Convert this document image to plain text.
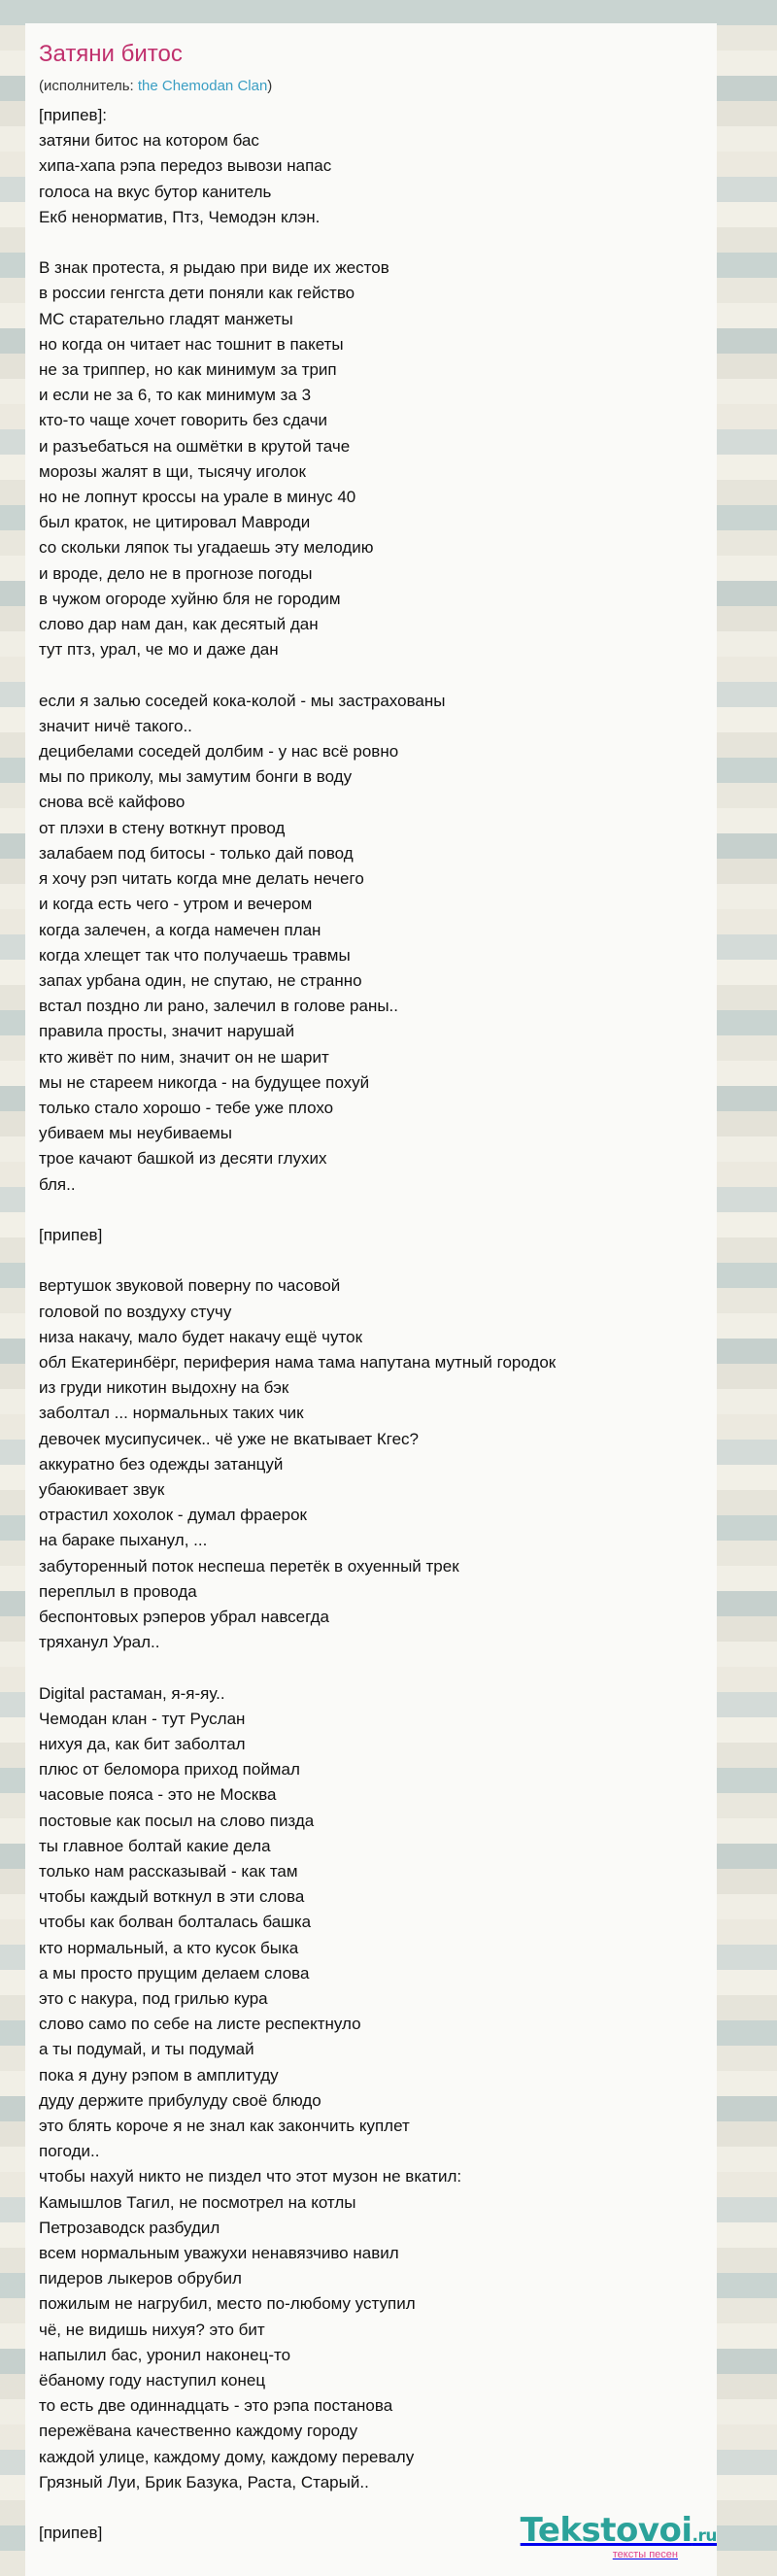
Затяни битос
(исполнитель: the Chemodan Clan)
[припев]:
затяни битос на котором бас
хипа-хапа рэпа передоз вывози напас
голоса на вкус бутор канитель
Екб ненорматив, Птз, Чемодэн клэн.

В знак протеста, я рыдаю при виде их жестов
в россии генгста дети поняли как гейство
МС старательно гладят манжеты
но когда он читает нас тошнит в пакеты
не за триппер, но как минимум за трип
и если не за 6, то как минимум за 3
кто-то чаще хочет говорить без сдачи
и разъебаться на ошмётки в крутой таче
морозы жалят в щи, тысячу иголок
но не лопнут кроссы на урале в минус 40
был краток, не цитировал Мавроди
со скольки ляпок ты угадаешь эту мелодию
и вроде, дело не в прогнозе погоды
в чужом огороде хуйню бля не городим
слово дар нам дан, как десятый дан
тут птз, урал, че мо и даже дан

если я залью соседей кока-колой - мы застрахованы
значит ничё такого..
децибелами соседей долбим - у нас всё ровно
мы по приколу, мы замутим бонги в воду
снова всё кайфово
от плэхи в стену воткнут провод
залабаем под битосы - только дай повод
я хочу рэп читать когда мне делать нечего
и когда есть чего - утром и вечером
когда залечен, а когда намечен план
когда хлещет так что получаешь травмы
запах урбана один, не спутаю, не странно
встал поздно ли рано, залечил в голове раны..
правила просты, значит нарушай
кто живёт по ним, значит он не шарит
мы не стареем никогда - на будущее похуй
только стало хорошо - тебе уже плохо
убиваем мы неубиваемы
трое качают башкой из десяти глухих
бля..

[припев]

вертушок звуковой поверну по часовой
головой по воздуху стучу
низа накачу, мало будет накачу ещё чуток
обл Екатеринбёрг, периферия нама тама напутана мутный городок
из груди никотин выдохну на бэк
заболтал ... нормальных таких чик
девочек мусипусичек.. чё уже не вкатывает Кгес?
аккуратно без одежды затанцуй
убаюкивает звук
отрастил хохолок - думал фраерок
на бараке пыханул, ...
забуторенный поток неспеша перетёк в охуенный трек
переплыл в провода
беспонтовых рэперов убрал навсегда
тряханул Урал..

Digital растаман, я-я-яу..
Чемодан клан - тут Руслан
нихуя да, как бит заболтал
плюс от беломора приход поймал
часовые пояса - это не Москва
постовые как посыл на слово пизда
ты главное болтай какие дела
только нам рассказывай - как там
чтобы каждый воткнул в эти слова
чтобы как болван болталась башка
кто нормальный, а кто кусок быка
а мы просто прущим делаем слова
это с накура, под грилью кура
слово само по себе на листе респектнуло
а ты подумай, и ты подумай
пока я дуну рэпом в амплитуду
дуду держите прибулуду своё блюдо
это блять короче я не знал как закончить куплет
погоди..
чтобы нахуй никто не пиздел что этот музон не вкатил:
Камышлов Тагил, не посмотрел на котлы
Петрозаводск разбудил
всем нормальным уважухи ненавязчиво навил
пидеров лыкеров обрубил
пожилым не нагрубил, место по-любому уступил
чё, не видишь нихуя? это бит
напылил бас, уронил наконец-то
ёбаному году наступил конец
то есть две одиннадцать - это рэпа постанова
пережёвана качественно каждому городу
каждой улице, каждому дому, каждому перевалу
Грязный Луи, Брик Базука, Раста, Старый..

[припев]	Tekstovoi.ru
тексты песен
